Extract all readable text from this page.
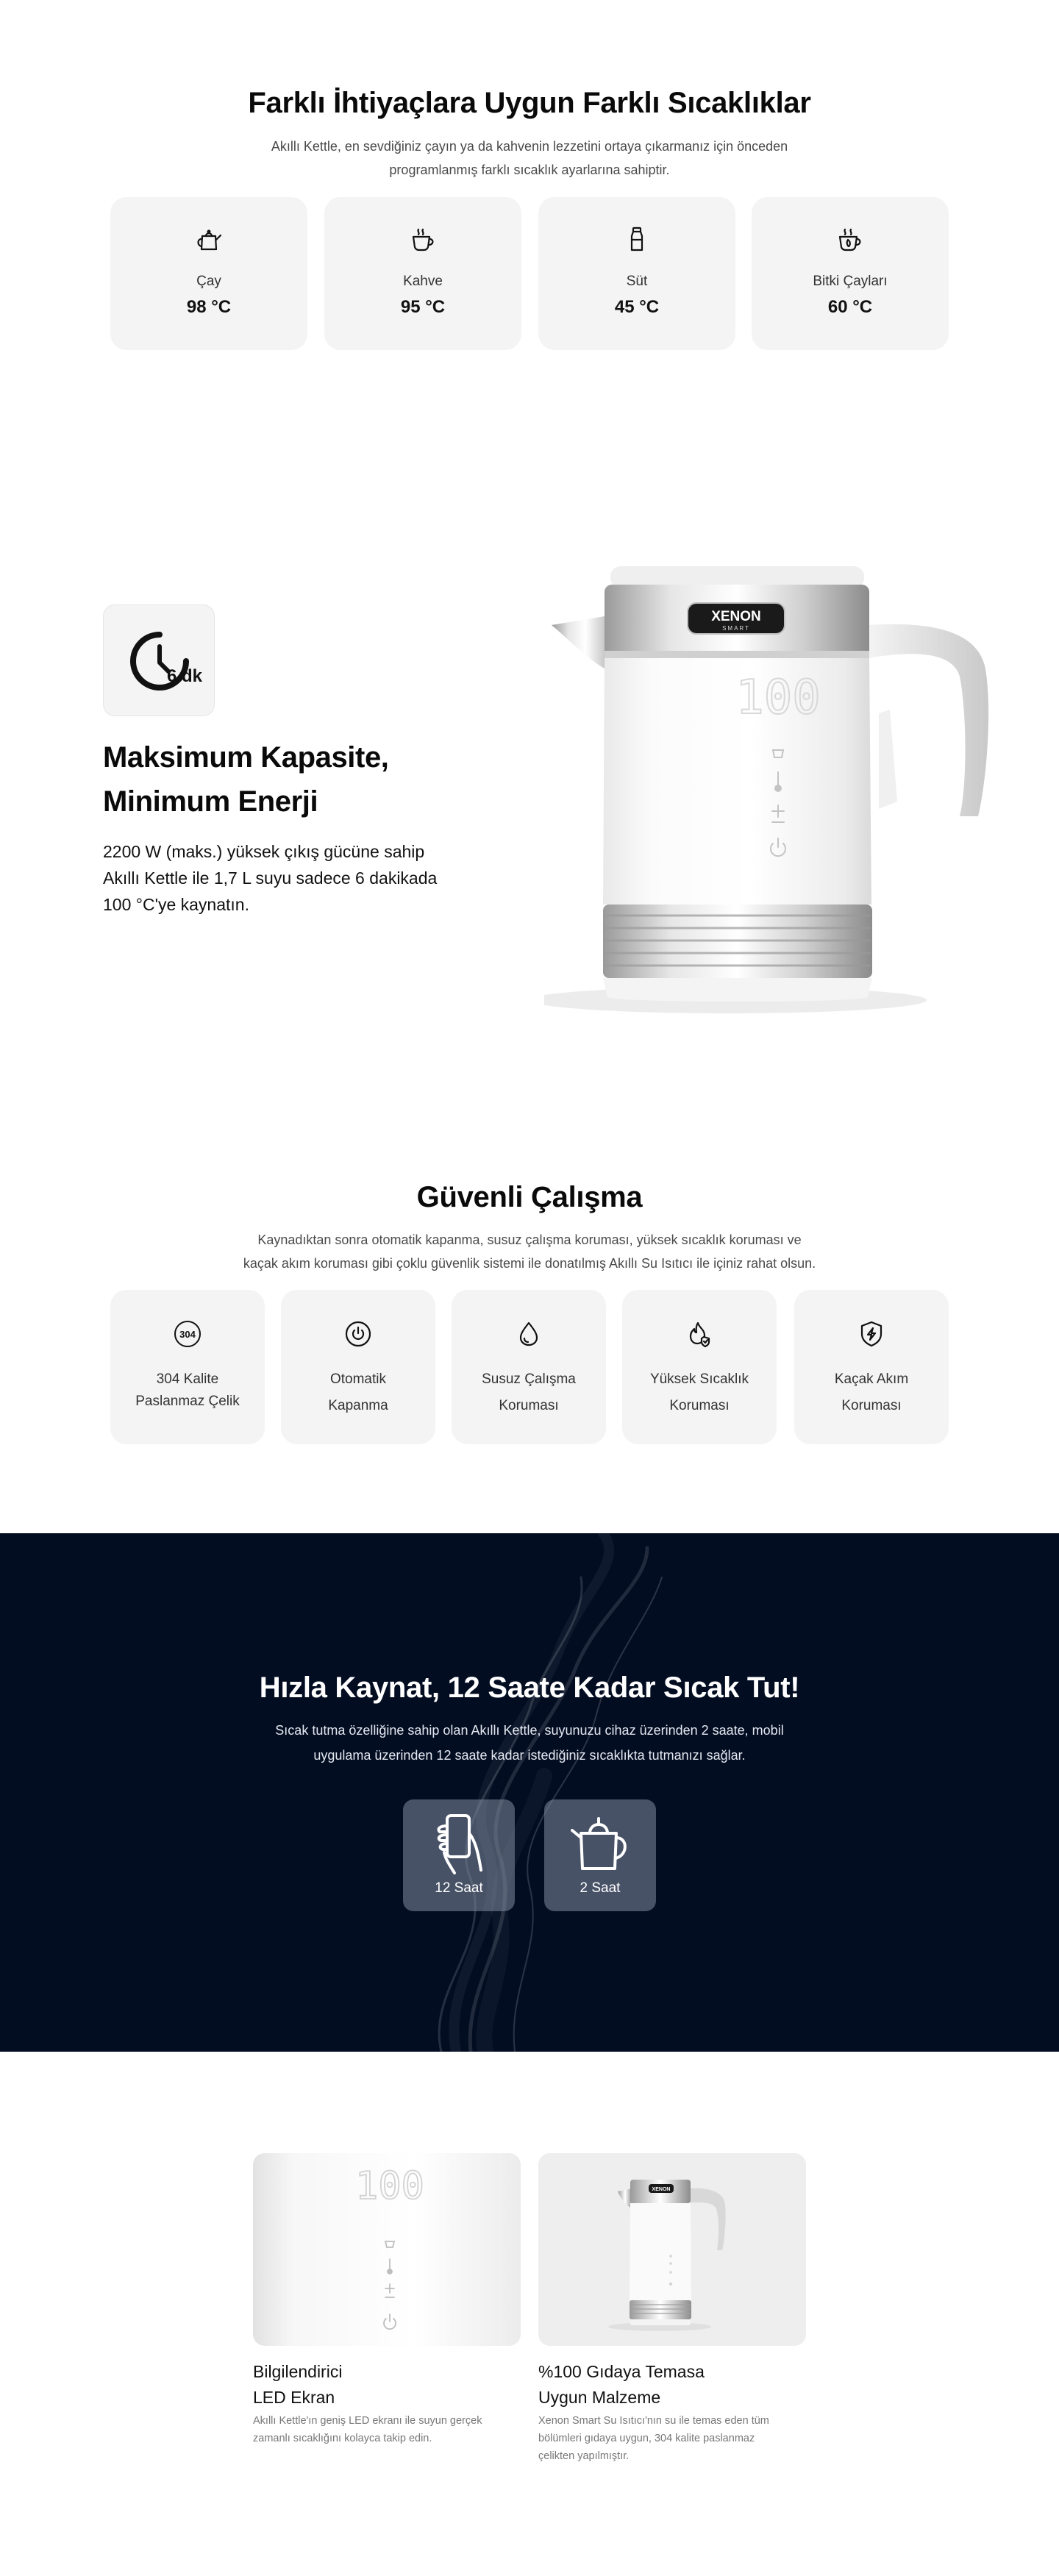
Farklı İhtiyaçlara Uygun Farklı Sıcaklıklar

Akıllı Kettle, en sevdiğiniz çayın ya da kahvenin lezzetini ortaya çıkarmanız için önceden

programlanmış farklı sıcaklık ayarlarına sahiptir.

Çay
98 °C
Kahve
95 °C
Süt
45 °C
Bitki Çayları
60 °C
6 dk
Maksimum Kapasite,
Minimum Enerji
2200 W (maks.) yüksek çıkış gücüne sahip
Akıllı Kettle ile 1,7 L suyu sadece 6 dakikada
100 °C'ye kaynatın.
XENON
SMART
100
Güvenli Çalışma

Kaynadıktan sonra otomatik kapanma, susuz çalışma koruması, yüksek sıcaklık koruması ve

kaçak akım koruması gibi çoklu güvenlik sistemi ile donatılmış Akıllı Su Isıtıcı ile içiniz rahat olsun.

304
304 Kalite
Paslanmaz Çelik
Otomatik
Kapanma
Susuz Çalışma
Koruması
Yüksek Sıcaklık
Koruması
Kaçak Akım
Koruması
Hızla Kaynat, 12 Saate Kadar Sıcak Tut!

Sıcak tutma özelliğine sahip olan Akıllı Kettle, suyunuzu cihaz üzerinden 2 saate, mobil

uygulama üzerinden 12 saate kadar istediğiniz sıcaklıkta tutmanızı sağlar.

12 Saat	2 Saat
100	XENON
Bilgilendirici
LED Ekran
Akıllı Kettle'ın geniş LED ekranı ile suyun gerçek
zamanlı sıcaklığını kolayca takip edin.
%100 Gıdaya Temasa
Uygun Malzeme
Xenon Smart Su Isıtıcı'nın su ile temas eden tüm
bölümleri gıdaya uygun, 304 kalite paslanmaz
çelikten yapılmıştır.
